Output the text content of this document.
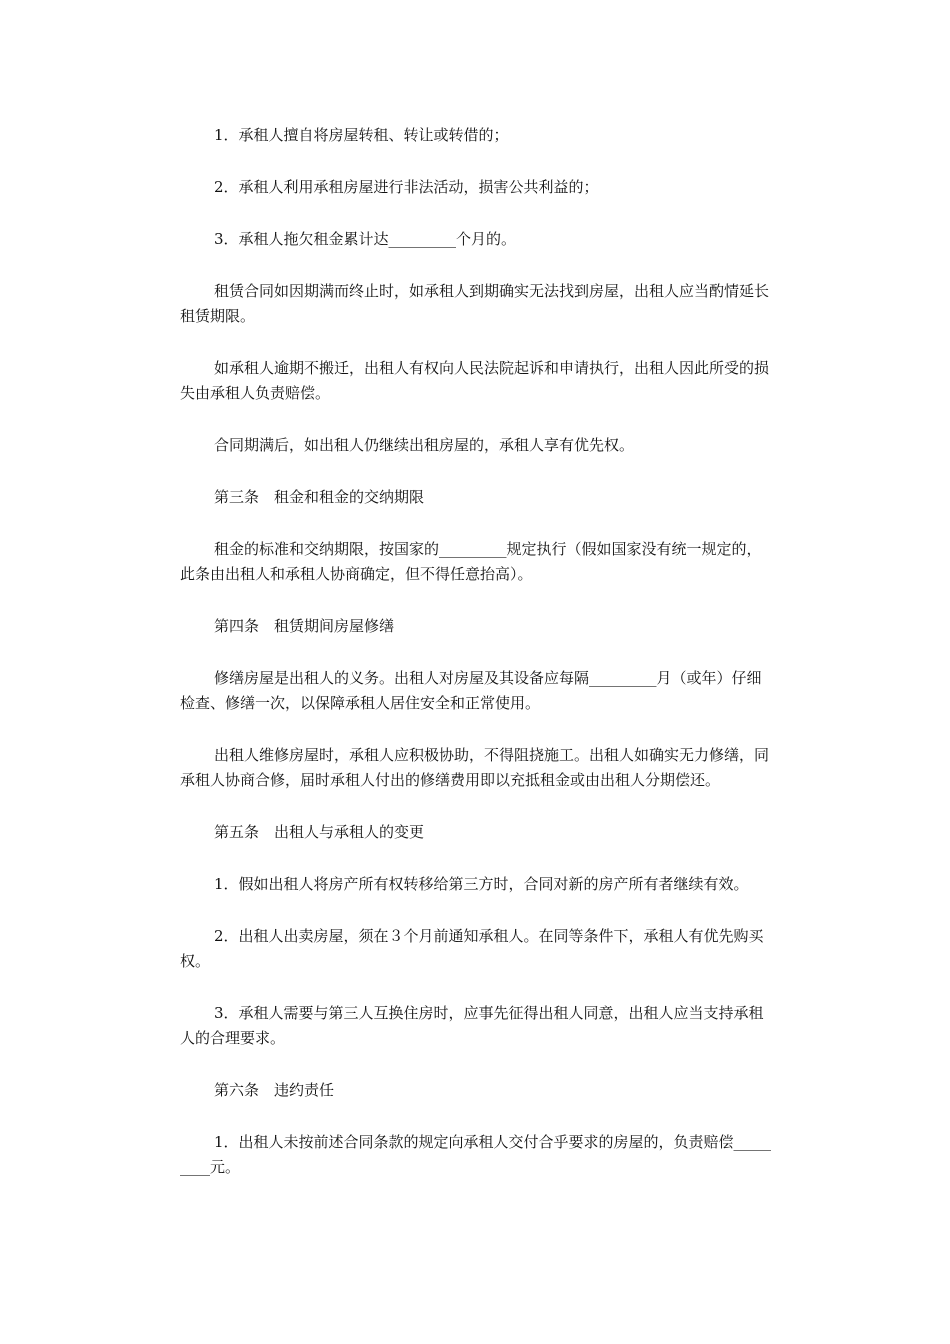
1．承租人擅自将房屋转租、转让或转借的；

2．承租人利用承租房屋进行非法活动，损害公共利益的；

3．承租人拖欠租金累计达_________个月的。

租赁合同如因期满而终止时，如承租人到期确实无法找到房屋，出租人应当酌情延长租赁期限。

如承租人逾期不搬迁，出租人有权向人民法院起诉和申请执行，出租人因此所受的损失由承租人负责赔偿。

合同期满后，如出租人仍继续出租房屋的，承租人享有优先权。

第三条　租金和租金的交纳期限

租金的标准和交纳期限，按国家的_________规定执行（假如国家没有统一规定的，此条由出租人和承租人协商确定，但不得任意抬高）。

第四条　租赁期间房屋修缮

修缮房屋是出租人的义务。出租人对房屋及其设备应每隔_________月（或年）仔细检查、修缮一次，以保障承租人居住安全和正常使用。

出租人维修房屋时，承租人应积极协助，不得阻挠施工。出租人如确实无力修缮，同承租人协商合修，届时承租人付出的修缮费用即以充抵租金或由出租人分期偿还。

第五条　出租人与承租人的变更

1．假如出租人将房产所有权转移给第三方时，合同对新的房产所有者继续有效。

2．出租人出卖房屋，须在３个月前通知承租人。在同等条件下，承租人有优先购买权。

3．承租人需要与第三人互换住房时，应事先征得出租人同意，出租人应当支持承租人的合理要求。

第六条　违约责任

1．出租人未按前述合同条款的规定向承租人交付合乎要求的房屋的，负责赔偿_________元。
